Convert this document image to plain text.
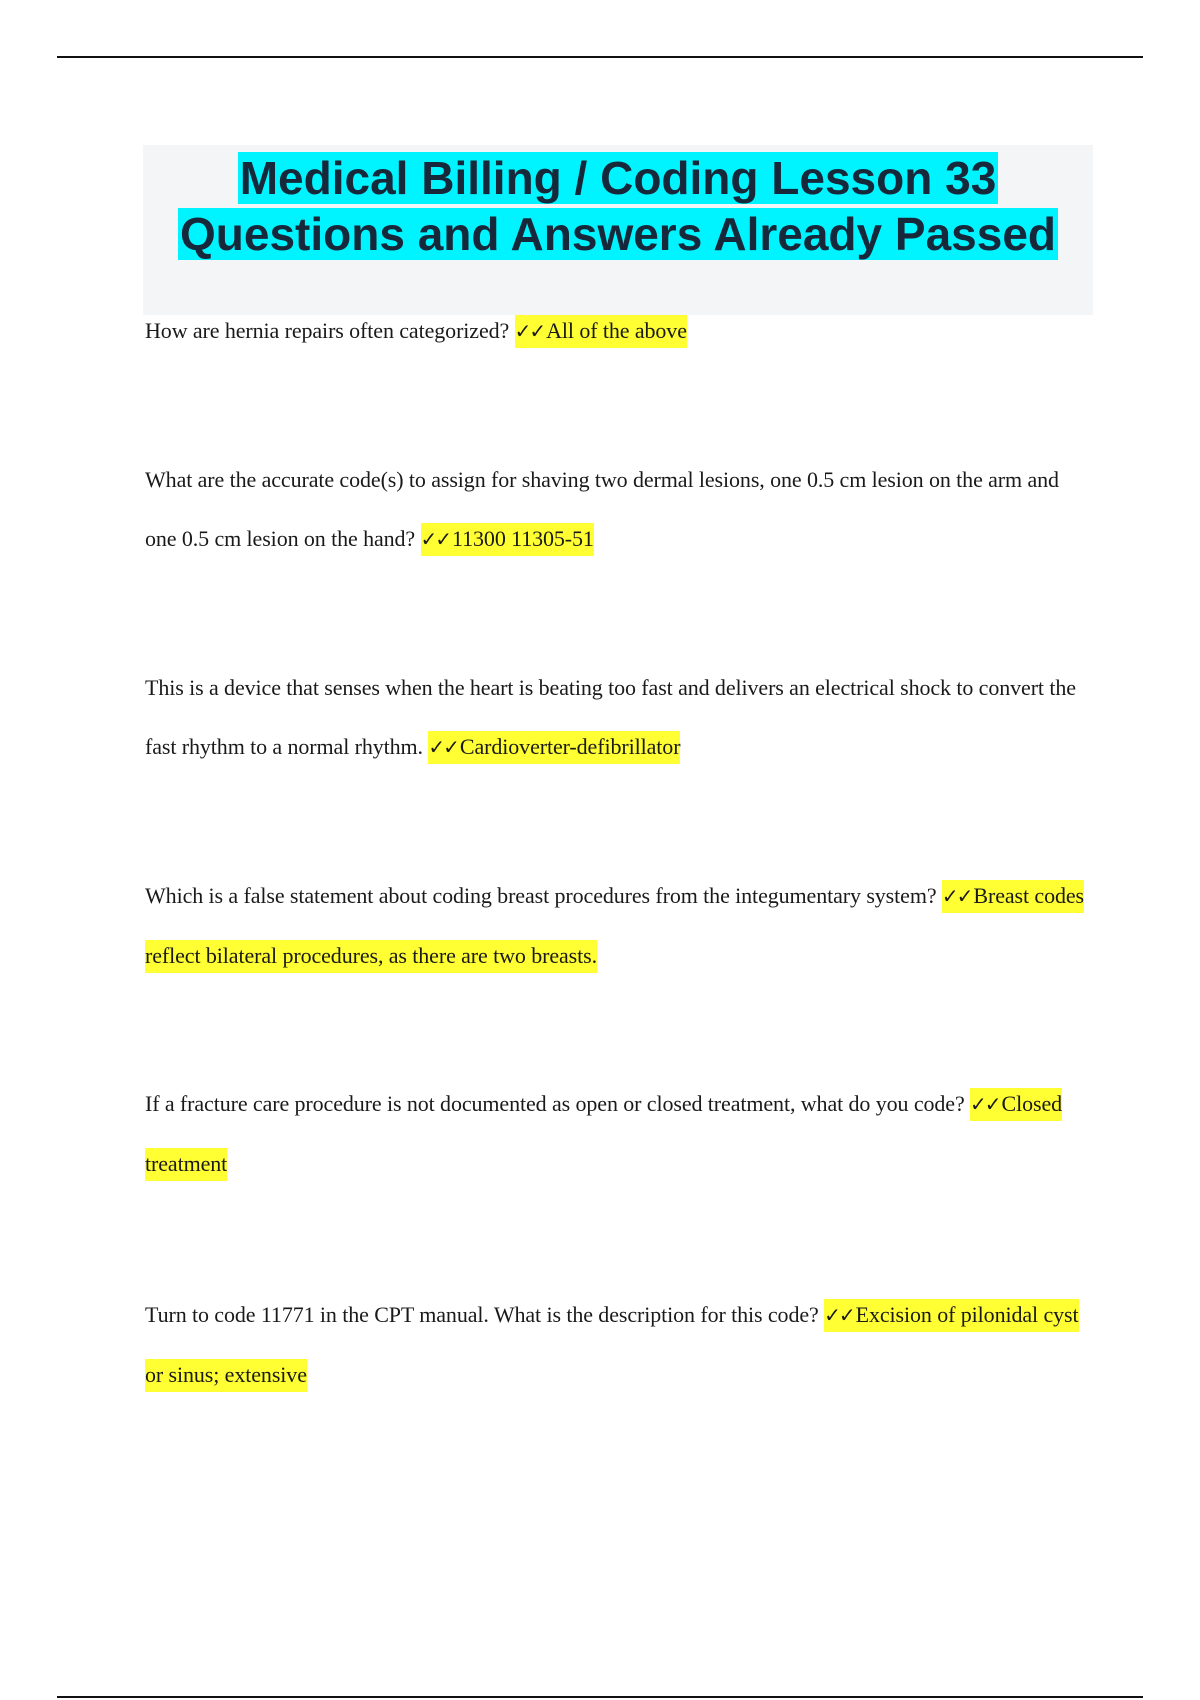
Medical Billing / Coding Lesson 33
Questions and Answers Already Passed
How are hernia repairs often categorized? ✓✓All of the above
What are the accurate code(s) to assign for shaving two dermal lesions, one 0.5 cm lesion on the arm and one 0.5 cm lesion on the hand? ✓✓11300 11305-51
This is a device that senses when the heart is beating too fast and delivers an electrical shock to convert the fast rhythm to a normal rhythm. ✓✓Cardioverter-defibrillator
Which is a false statement about coding breast procedures from the integumentary system? ✓✓Breast codes reflect bilateral procedures, as there are two breasts.
If a fracture care procedure is not documented as open or closed treatment, what do you code? ✓✓Closed treatment
Turn to code 11771 in the CPT manual. What is the description for this code? ✓✓Excision of pilonidal cyst or sinus; extensive
